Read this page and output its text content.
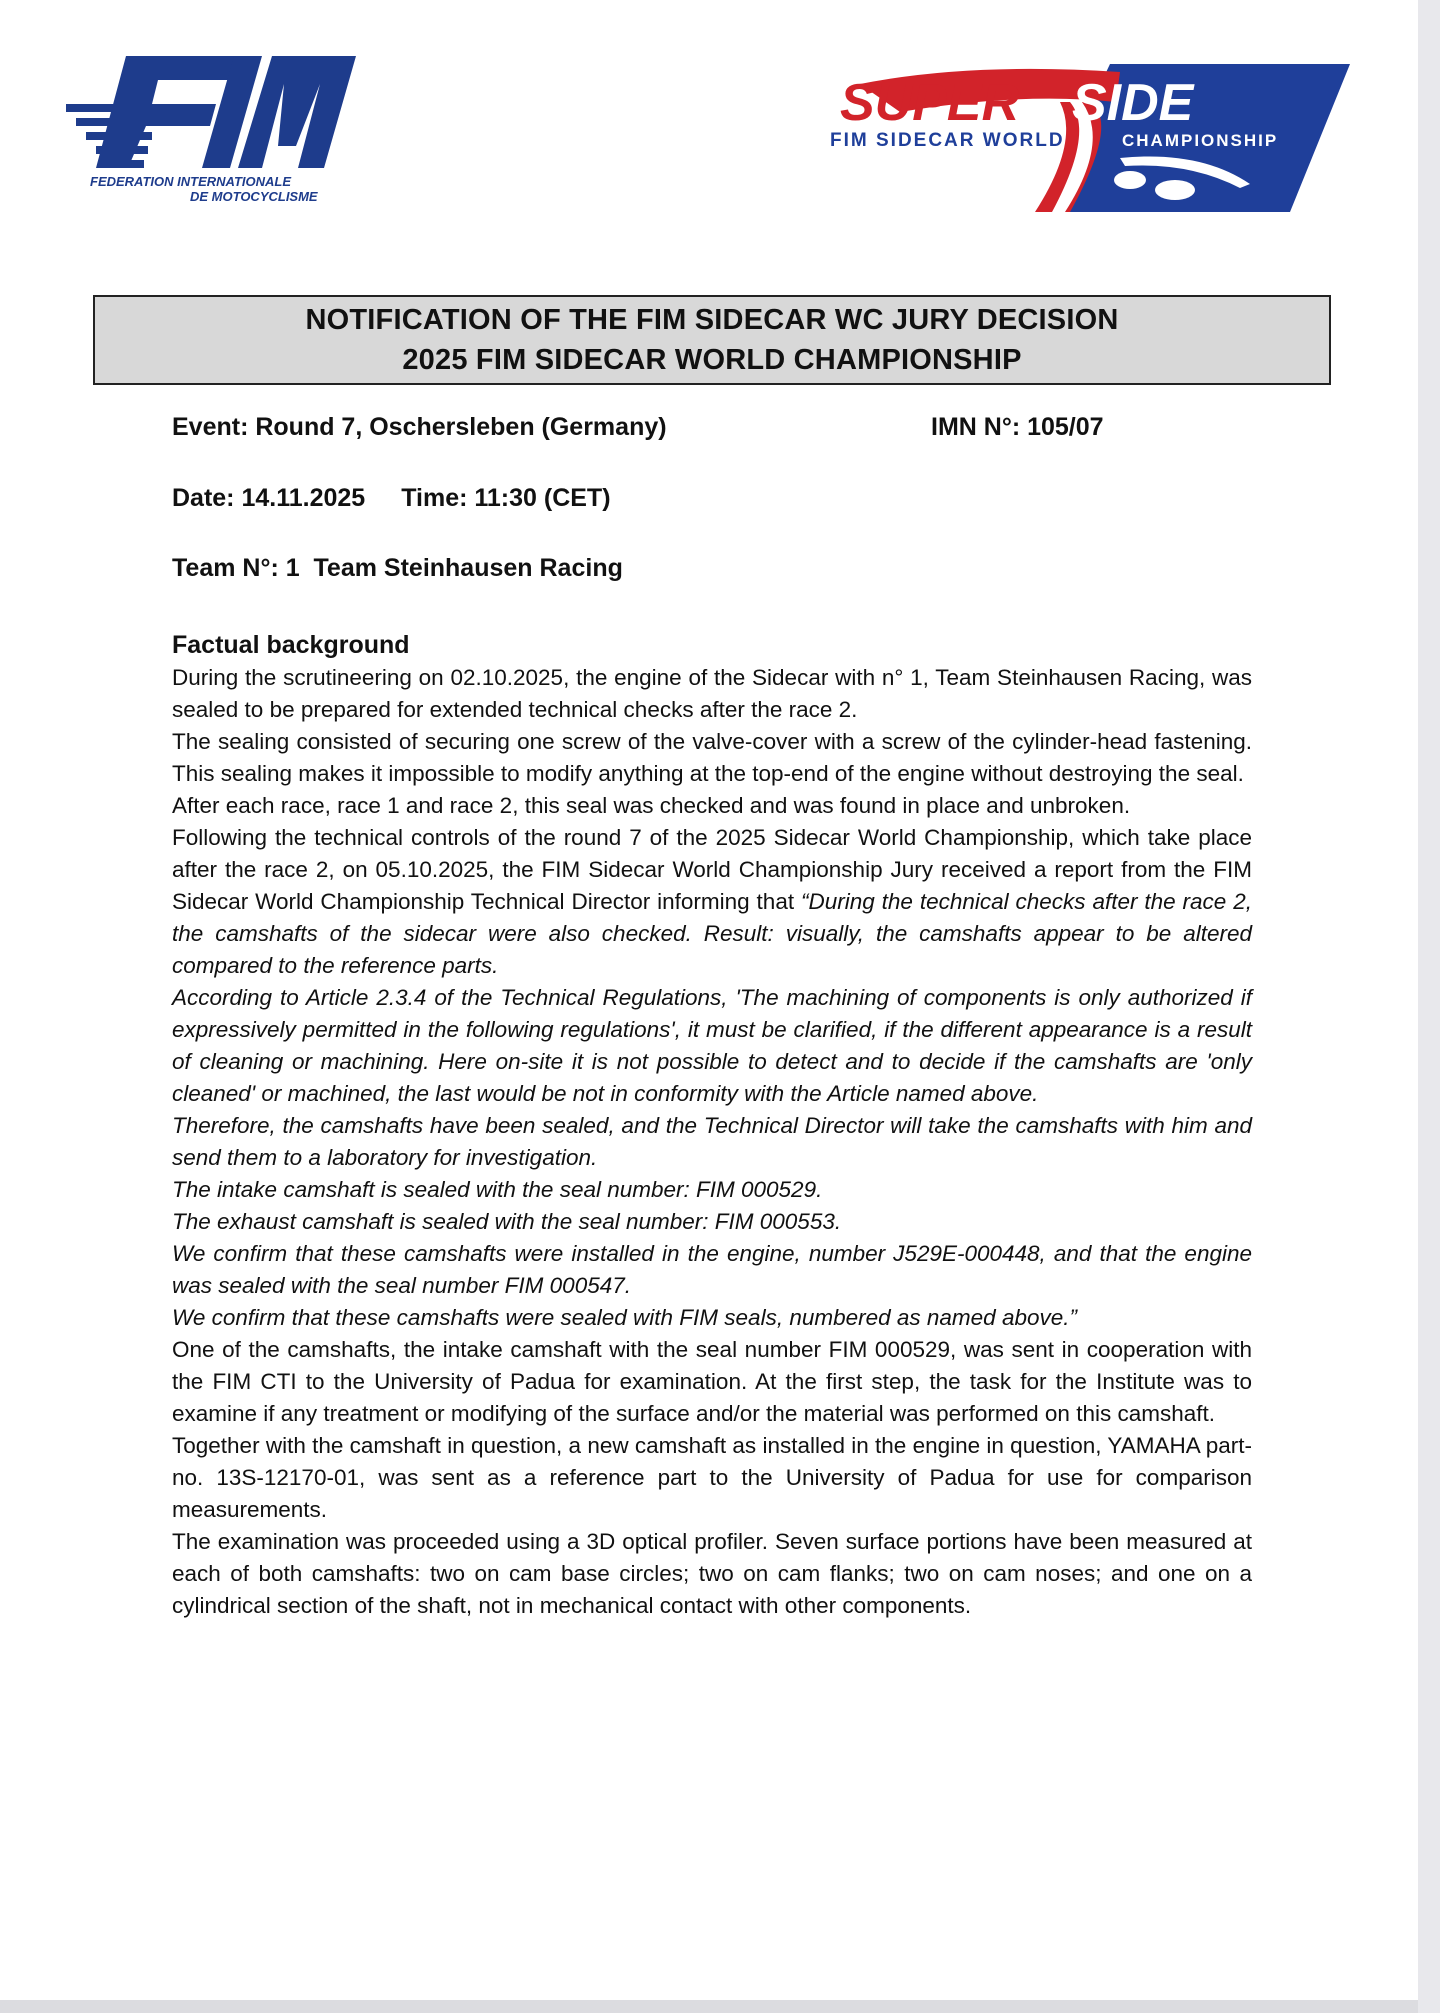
FEDERATION INTERNATIONALE
DE MOTOCYCLISME
SUPER SIDE
FIM SIDECAR WORLD	CHAMPIONSHIP
NOTIFICATION OF THE FIM SIDECAR WC JURY DECISION
2025 FIM SIDECAR WORLD CHAMPIONSHIP
Event: Round 7, Oschersleben (Germany)	IMN N°: 105/07
Date: 14.11.2025 Time: 11:30 (CET)
Team N°: 1  Team Steinhausen Racing
Factual background

During the scrutineering on 02.10.2025, the engine of the Sidecar with n° 1, Team Steinhausen Racing, was sealed to be prepared for extended technical checks after the race 2.

The sealing consisted of securing one screw of the valve-cover with a screw of the cylinder-head fastening. This sealing makes it impossible to modify anything at the top-end of the engine without destroying the seal.

After each race, race 1 and race 2, this seal was checked and was found in place and unbroken.

Following the technical controls of the round 7 of the 2025 Sidecar World Championship, which take place after the race 2, on 05.10.2025, the FIM Sidecar World Championship Jury received a report from the FIM Sidecar World Championship Technical Director informing that “During the technical checks after the race 2, the camshafts of the sidecar were also checked. Result: visually, the camshafts appear to be altered compared to the reference parts.

According to Article 2.3.4 of the Technical Regulations, 'The machining of components is only authorized if expressively permitted in the following regulations', it must be clarified, if the different appearance is a result of cleaning or machining. Here on-site it is not possible to detect and to decide if the camshafts are 'only cleaned' or machined, the last would be not in conformity with the Article named above.

Therefore, the camshafts have been sealed, and the Technical Director will take the camshafts with him and send them to a laboratory for investigation.

The intake camshaft is sealed with the seal number: FIM 000529.

The exhaust camshaft is sealed with the seal number: FIM 000553.

We confirm that these camshafts were installed in the engine, number J529E-000448, and that the engine was sealed with the seal number FIM 000547.

We confirm that these camshafts were sealed with FIM seals, numbered as named above.”

One of the camshafts, the intake camshaft with the seal number FIM 000529, was sent in cooperation with the FIM CTI to the University of Padua for examination. At the first step, the task for the Institute was to examine if any treatment or modifying of the surface and/or the material was performed on this camshaft.

Together with the camshaft in question, a new camshaft as installed in the engine in question, YAMAHA part-no. 13S-12170-01, was sent as a reference part to the University of Padua for use for comparison measurements.

The examination was proceeded using a 3D optical profiler. Seven surface portions have been measured at each of both camshafts: two on cam base circles; two on cam flanks; two on cam noses; and one on a cylindrical section of the shaft, not in mechanical contact with other components.
